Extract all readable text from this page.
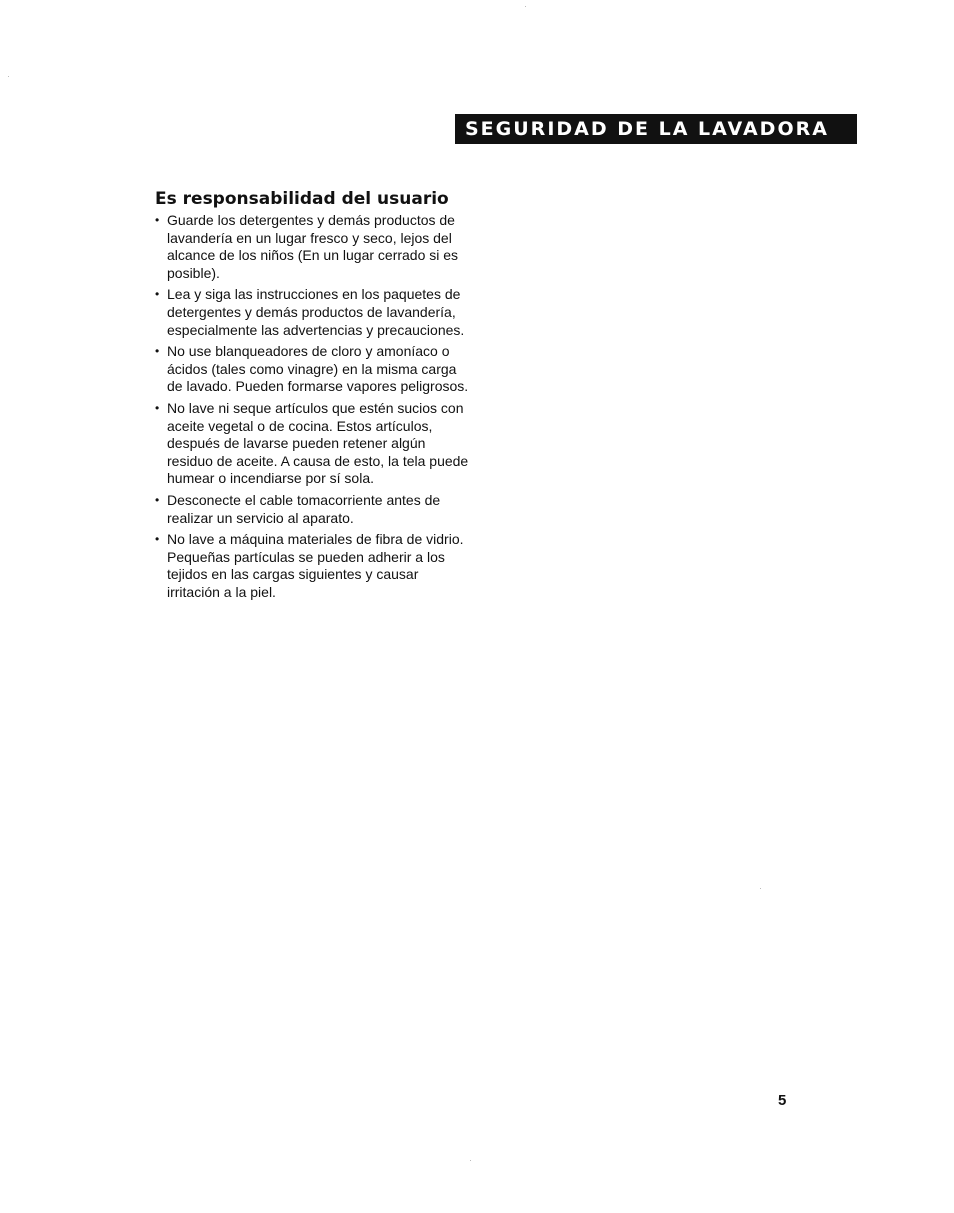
SEGURIDAD DE LA LAVADORA
Es responsabilidad del usuario
• Guarde los detergentes y demás productos de lavandería en un lugar fresco y seco, lejos del alcance de los niños (En un lugar cerrado si es posible).
• Lea y siga las instrucciones en los paquetes de detergentes y demás productos de lavandería, especialmente las advertencias y precauciones.
• No use blanqueadores de cloro y amoníaco o ácidos (tales como vinagre) en la misma carga de lavado. Pueden formarse vapores peligrosos.
• No lave ni seque artículos que estén sucios con aceite vegetal o de cocina. Estos artículos, después de lavarse pueden retener algún residuo de aceite. A causa de esto, la tela puede humear o incendiarse por sí sola.
• Desconecte el cable tomacorriente antes de realizar un servicio al aparato.
• No lave a máquina materiales de fibra de vidrio. Pequeñas partículas se pueden adherir a los tejidos en las cargas siguientes y causar irritación a la piel.
5
